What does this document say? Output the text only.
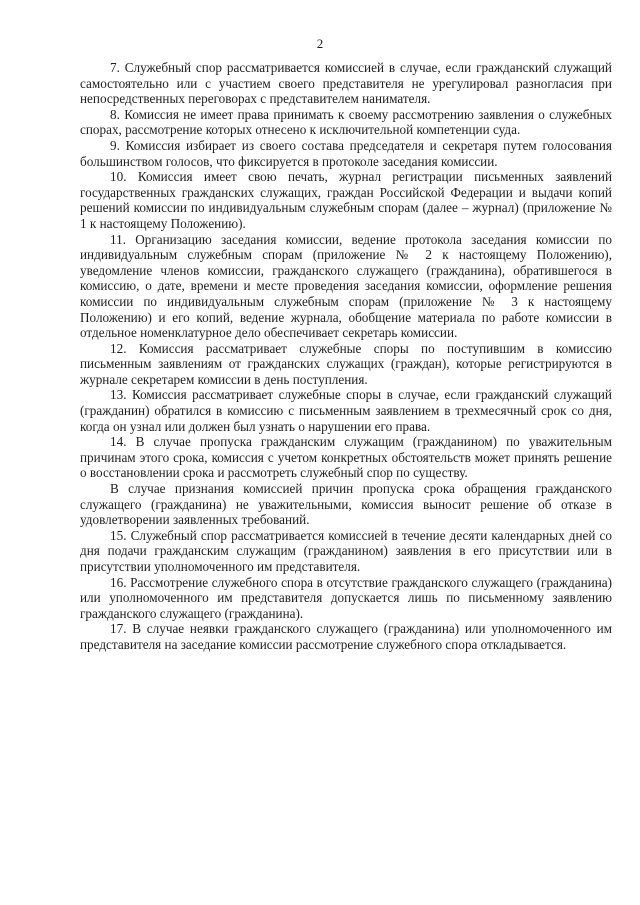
2

7. Служебный спор рассматривается комиссией в случае, если гражданский служащий самостоятельно или с участием своего представителя не урегулировал разногласия при непосредственных переговорах с представителем нанимателя.

8. Комиссия не имеет права принимать к своему рассмотрению заявления о служебных спорах, рассмотрение которых отнесено к исключительной компетенции суда.

9. Комиссия избирает из своего состава председателя и секретаря путем голосования большинством голосов, что фиксируется в протоколе заседания комиссии.

10. Комиссия имеет свою печать, журнал регистрации письменных заявлений государственных гражданских служащих, граждан Российской Федерации и выдачи копий решений комиссии по индивидуальным служебным спорам (далее – журнал) (приложение № 1 к настоящему Положению).

11. Организацию заседания комиссии, ведение протокола заседания комиссии по индивидуальным служебным спорам (приложение № 2 к настоящему Положению), уведомление членов комиссии, гражданского служащего (гражданина), обратившегося в комиссию, о дате, времени и месте проведения заседания комиссии, оформление решения комиссии по индивидуальным служебным спорам (приложение № 3 к настоящему Положению) и его копий, ведение журнала, обобщение материала по работе комиссии в отдельное номенклатурное дело обеспечивает секретарь комиссии.

12. Комиссия рассматривает служебные споры по поступившим в комиссию письменным заявлениям от гражданских служащих (граждан), которые регистрируются в журнале секретарем комиссии в день поступления.

13. Комиссия рассматривает служебные споры в случае, если гражданский служащий (гражданин) обратился в комиссию с письменным заявлением в трехмесячный срок со дня, когда он узнал или должен был узнать о нарушении его права.

14. В случае пропуска гражданским служащим (гражданином) по уважительным причинам этого срока, комиссия с учетом конкретных обстоятельств может принять решение о восстановлении срока и рассмотреть служебный спор по существу.

В случае признания комиссией причин пропуска срока обращения гражданского служащего (гражданина) не уважительными, комиссия выносит решение об отказе в удовлетворении заявленных требований.

15. Служебный спор рассматривается комиссией в течение десяти календарных дней со дня подачи гражданским служащим (гражданином) заявления в его присутствии или в присутствии уполномоченного им представителя.

16. Рассмотрение служебного спора в отсутствие гражданского служащего (гражданина) или уполномоченного им представителя допускается лишь по письменному заявлению гражданского служащего (гражданина).

17. В случае неявки гражданского служащего (гражданина) или уполномоченного им представителя на заседание комиссии рассмотрение служебного спора откладывается.
